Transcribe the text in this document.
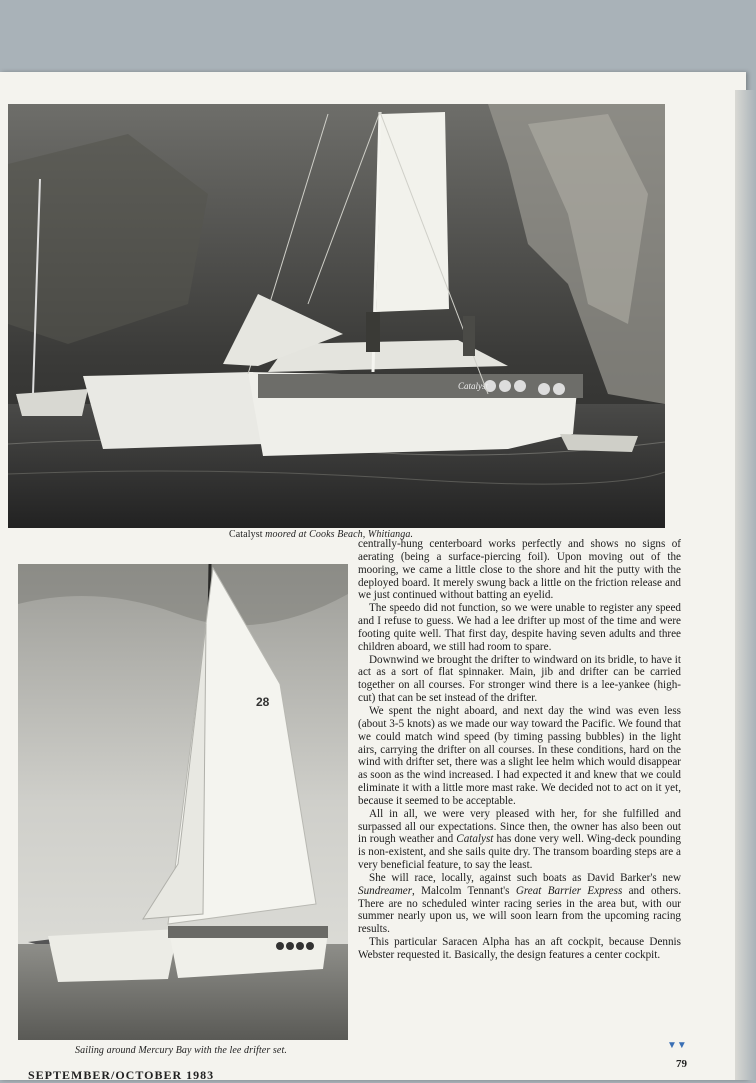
Catalyst
Catalyst moored at Cooks Beach, Whitianga.
28
Sailing around Mercury Bay with the lee drifter set.

centrally-hung centerboard works perfectly and shows no signs of aerating (being a surface-piercing foil). Upon moving out of the mooring, we came a little close to the shore and hit the putty with the deployed board. It merely swung back a little on the friction release and we just continued without batting an eyelid.

The speedo did not function, so we were unable to register any speed and I refuse to guess. We had a lee drifter up most of the time and were footing quite well. That first day, despite having seven adults and three children aboard, we still had room to spare.

Downwind we brought the drifter to windward on its bridle, to have it act as a sort of flat spinnaker. Main, jib and drifter can be carried together on all courses. For stronger wind there is a lee-yankee (high-cut) that can be set instead of the drifter.

We spent the night aboard, and next day the wind was even less (about 3-5 knots) as we made our way toward the Pacific. We found that we could match wind speed (by timing passing bubbles) in the light airs, carrying the drifter on all courses. In these conditions, hard on the wind with drifter set, there was a slight lee helm which would disappear as soon as the wind increased. I had expected it and knew that we could eliminate it with a little more mast rake. We decided not to act on it yet, because it seemed to be acceptable.

All in all, we were very pleased with her, for she fulfilled and surpassed all our expectations. Since then, the owner has also been out in rough weather and Catalyst has done very well. Wing-deck pounding is non-existent, and she sails quite dry. The transom boarding steps are a very beneficial feature, to say the least.

She will race, locally, against such boats as David Barker's new Sundreamer, Malcolm Tennant's Great Barrier Express and others. There are no scheduled winter racing series in the area but, with our summer nearly upon us, we will soon learn from the upcoming racing results.

This particular Saracen Alpha has an aft cockpit, because Dennis Webster requested it. Basically, the design features a center cockpit.

▼▼
79
SEPTEMBER/OCTOBER 1983
